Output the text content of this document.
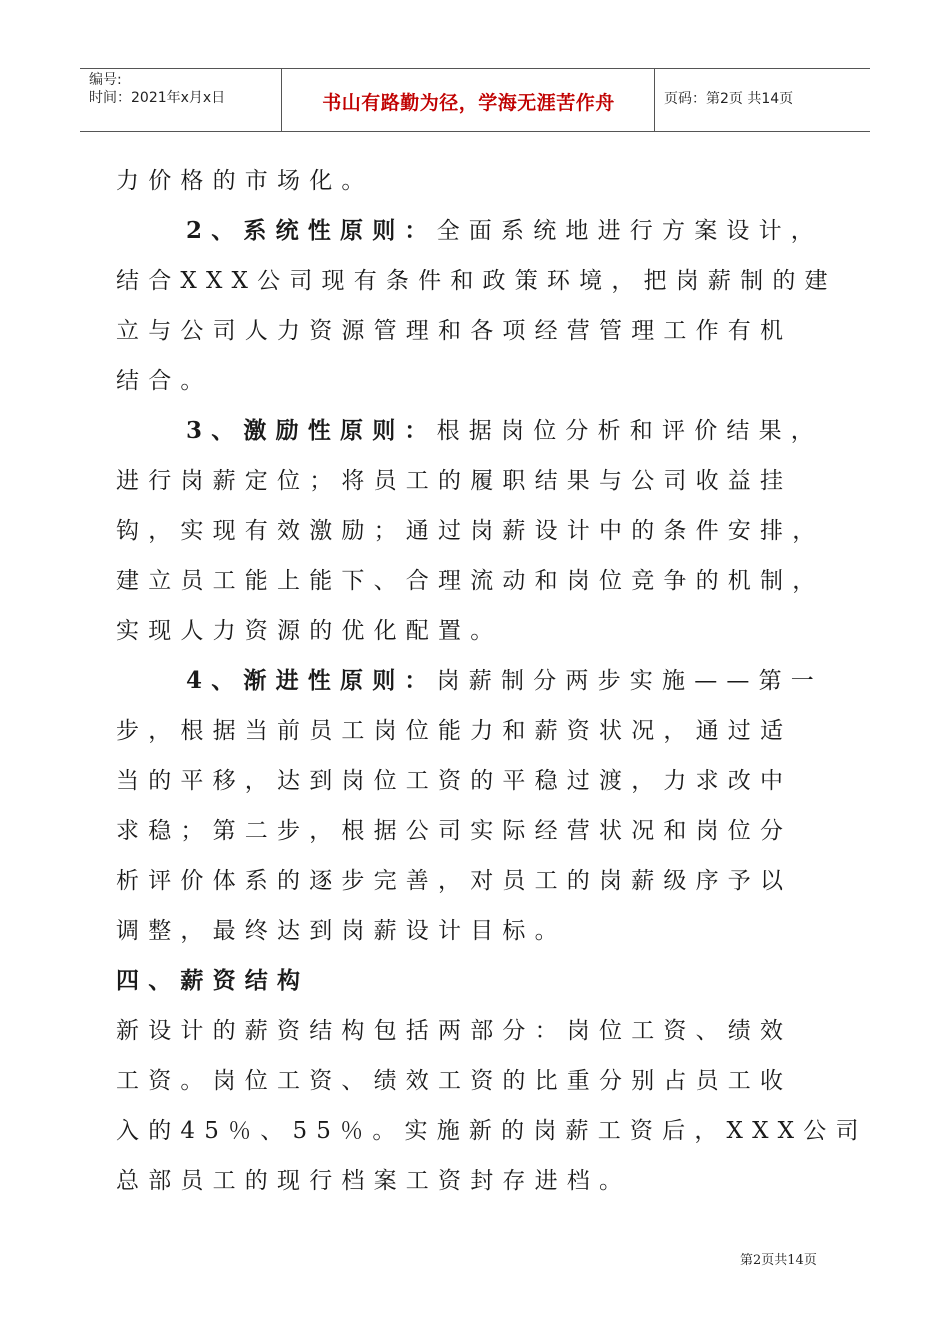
编号:
时间：2021年x月x日	书山有路勤为径，学海无涯苦作舟	页码：第2页 共14页
力价格的市场化。
2、系统性原则：全面系统地进行方案设计，
结合XXX公司现有条件和政策环境，把岗薪制的建
立与公司人力资源管理和各项经营管理工作有机
结合。
3、激励性原则：根据岗位分析和评价结果，
进行岗薪定位；将员工的履职结果与公司收益挂
钩，实现有效激励；通过岗薪设计中的条件安排，
建立员工能上能下、合理流动和岗位竞争的机制，
实现人力资源的优化配置。
4、渐进性原则：岗薪制分两步实施——第一
步，根据当前员工岗位能力和薪资状况，通过适
当的平移，达到岗位工资的平稳过渡，力求改中
求稳；第二步，根据公司实际经营状况和岗位分
析评价体系的逐步完善，对员工的岗薪级序予以
调整，最终达到岗薪设计目标。
四、薪资结构
新设计的薪资结构包括两部分：岗位工资、绩效
工资。岗位工资、绩效工资的比重分别占员工收
入的45％、55％。实施新的岗薪工资后，XXX公司
总部员工的现行档案工资封存进档。
第2页共14页
